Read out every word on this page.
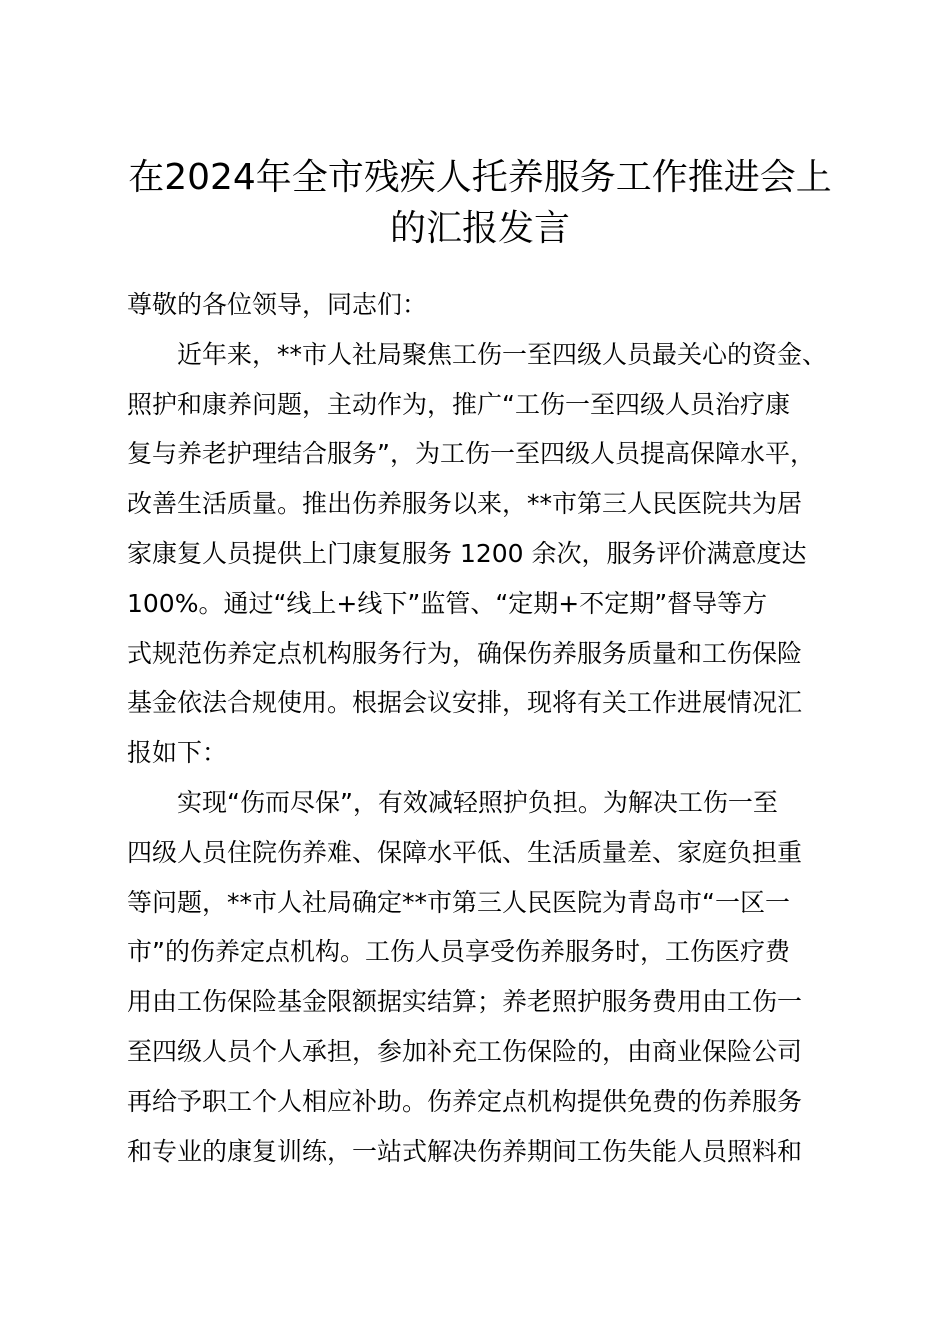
在2024年全市残疾人托养服务工作推进会上
的汇报发言
尊敬的各位领导，同志们：
近年来，**市人社局聚焦工伤一至四级人员最关心的资金、
照护和康养问题，主动作为，推广“工伤一至四级人员治疗康
复与养老护理结合服务”，为工伤一至四级人员提高保障水平，
改善生活质量。推出伤养服务以来，**市第三人民医院共为居
家康复人员提供上门康复服务 1200 余次，服务评价满意度达
100%。通过“线上+线下”监管、“定期+不定期”督导等方
式规范伤养定点机构服务行为，确保伤养服务质量和工伤保险
基金依法合规使用。根据会议安排，现将有关工作进展情况汇
报如下：
实现“伤而尽保”，有效减轻照护负担。为解决工伤一至
四级人员住院伤养难、保障水平低、生活质量差、家庭负担重
等问题，**市人社局确定**市第三人民医院为青岛市“一区一
市”的伤养定点机构。工伤人员享受伤养服务时，工伤医疗费
用由工伤保险基金限额据实结算；养老照护服务费用由工伤一
至四级人员个人承担，参加补充工伤保险的，由商业保险公司
再给予职工个人相应补助。伤养定点机构提供免费的伤养服务
和专业的康复训练，一站式解决伤养期间工伤失能人员照料和
